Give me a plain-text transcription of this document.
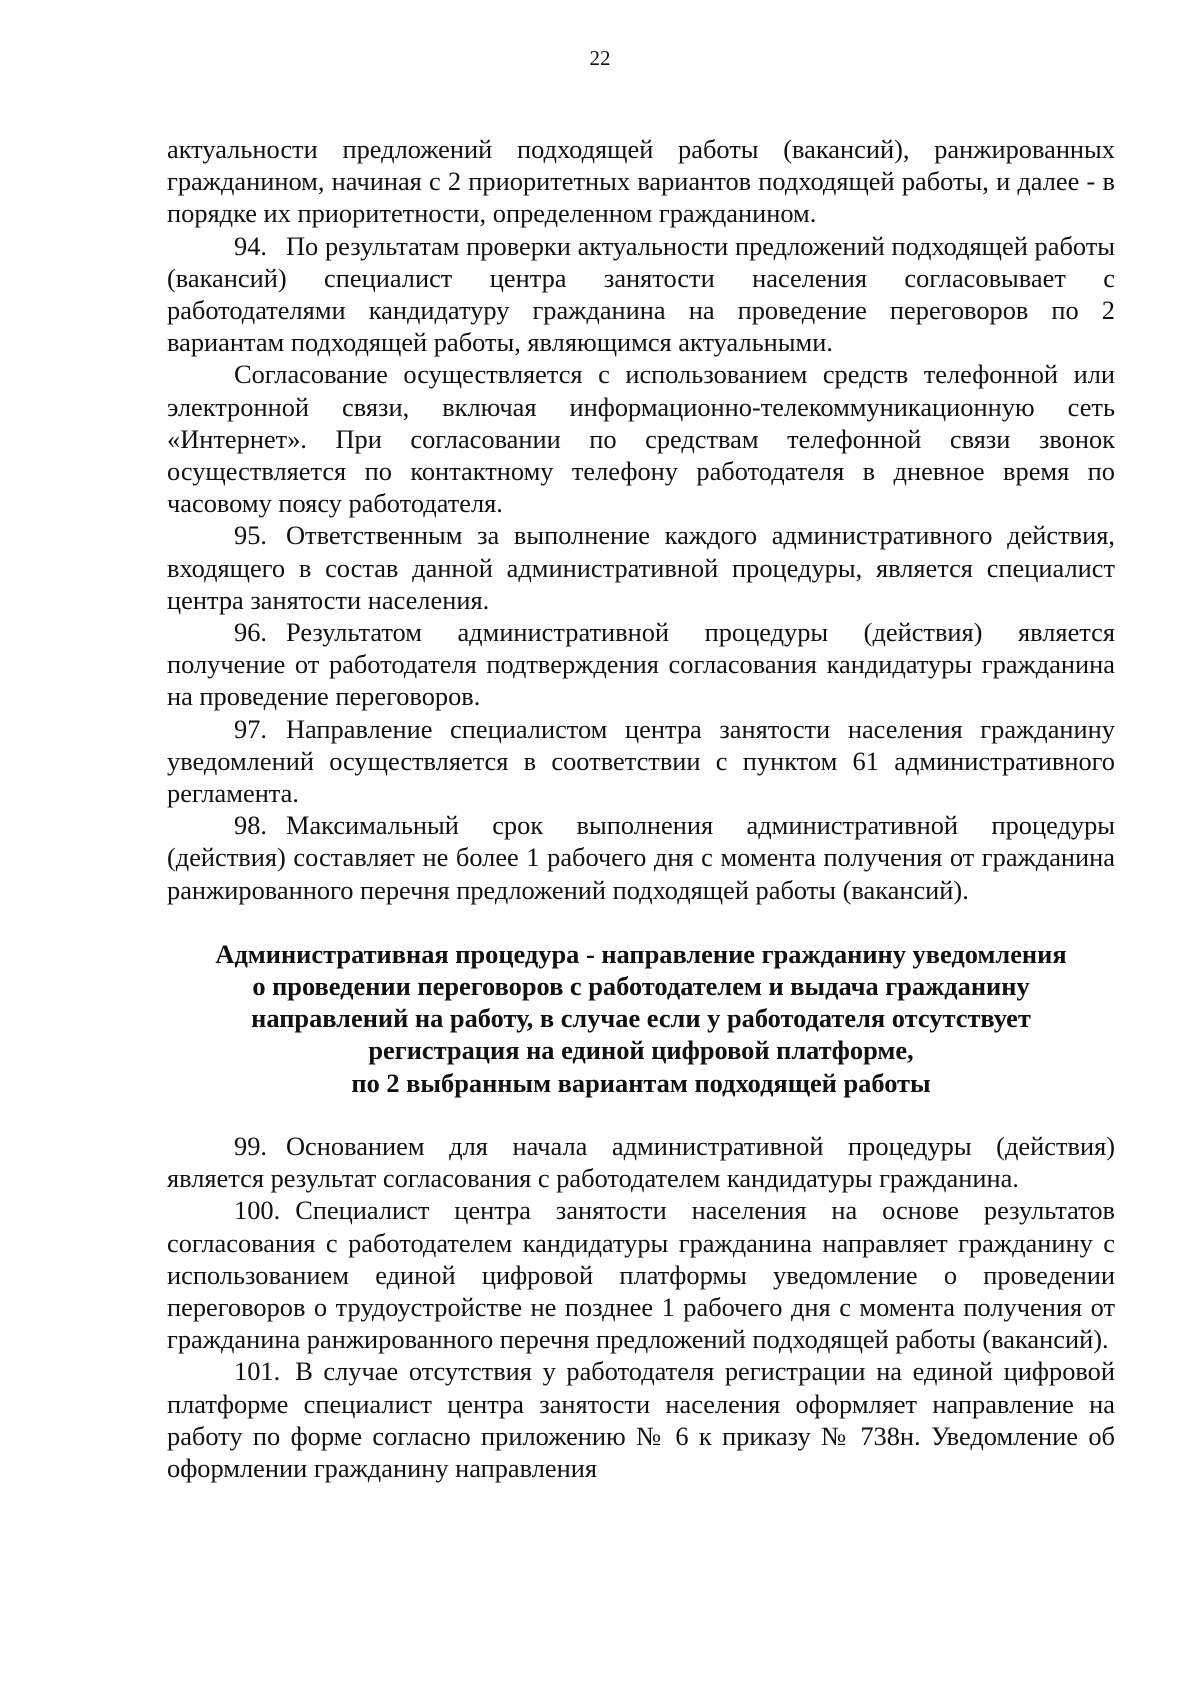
22

актуальности предложений подходящей работы (вакансий), ранжированных гражданином, начиная с 2 приоритетных вариантов подходящей работы, и далее - в порядке их приоритетности, определенном гражданином.

94. По результатам проверки актуальности предложений подходящей работы (вакансий) специалист центра занятости населения согласовывает с работодателями кандидатуру гражданина на проведение переговоров по 2 вариантам подходящей работы, являющимся актуальными.

Согласование осуществляется с использованием средств телефонной или электронной связи, включая информационно-телекоммуникационную сеть «Интернет». При согласовании по средствам телефонной связи звонок осуществляется по контактному телефону работодателя в дневное время по часовому поясу работодателя.

95. Ответственным за выполнение каждого административного действия, входящего в состав данной административной процедуры, является специалист центра занятости населения.

96. Результатом административной процедуры (действия) является получение от работодателя подтверждения согласования кандидатуры гражданина на проведение переговоров.

97. Направление специалистом центра занятости населения гражданину уведомлений осуществляется в соответствии с пунктом 61 административного регламента.

98. Максимальный срок выполнения административной процедуры (действия) составляет не более 1 рабочего дня с момента получения от гражданина ранжированного перечня предложений подходящей работы (вакансий).

Административная процедура - направление гражданину уведомления
о проведении переговоров с работодателем и выдача гражданину
направлений на работу, в случае если у работодателя отсутствует
регистрация на единой цифровой платформе,
по 2 выбранным вариантам подходящей работы

99. Основанием для начала административной процедуры (действия) является результат согласования с работодателем кандидатуры гражданина.

100. Специалист центра занятости населения на основе результатов согласования с работодателем кандидатуры гражданина направляет гражданину с использованием единой цифровой платформы уведомление о проведении переговоров о трудоустройстве не позднее 1 рабочего дня с момента получения от гражданина ранжированного перечня предложений подходящей работы (вакансий).

101. В случае отсутствия у работодателя регистрации на единой цифровой платформе специалист центра занятости населения оформляет направление на работу по форме согласно приложению № 6 к приказу № 738н. Уведомление об оформлении гражданину направления
